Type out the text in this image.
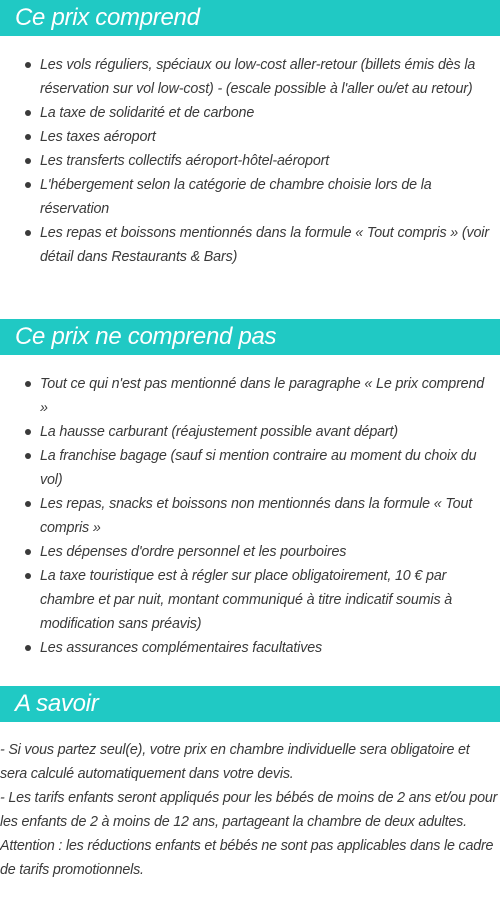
Ce prix comprend
Les vols réguliers, spéciaux ou low-cost aller-retour (billets émis dès la réservation sur vol low-cost) - (escale possible à l'aller ou/et au retour)
La taxe de solidarité et de carbone
Les taxes aéroport
Les transferts collectifs aéroport-hôtel-aéroport
L'hébergement selon la catégorie de chambre choisie lors de la réservation
Les repas et boissons mentionnés dans la formule « Tout compris » (voir détail dans Restaurants & Bars)
Ce prix ne comprend pas
Tout ce qui n'est pas mentionné dans le paragraphe « Le prix comprend »
La hausse carburant (réajustement possible avant départ)
La franchise bagage (sauf si mention contraire au moment du choix du vol)
Les repas, snacks et boissons non mentionnés dans la formule « Tout compris »
Les dépenses d'ordre personnel et les pourboires
La taxe touristique est à régler sur place obligatoirement, 10 € par chambre et par nuit, montant communiqué à titre indicatif soumis à modification sans préavis)
Les assurances complémentaires facultatives
A savoir

- Si vous partez seul(e), votre prix en chambre individuelle sera obligatoire et sera calculé automatiquement dans votre devis.

- Les tarifs enfants seront appliqués pour les bébés de moins de 2 ans et/ou pour les enfants de 2 à moins de 12 ans, partageant la chambre de deux adultes.

Attention : les réductions enfants et bébés ne sont pas applicables dans le cadre de tarifs promotionnels.
